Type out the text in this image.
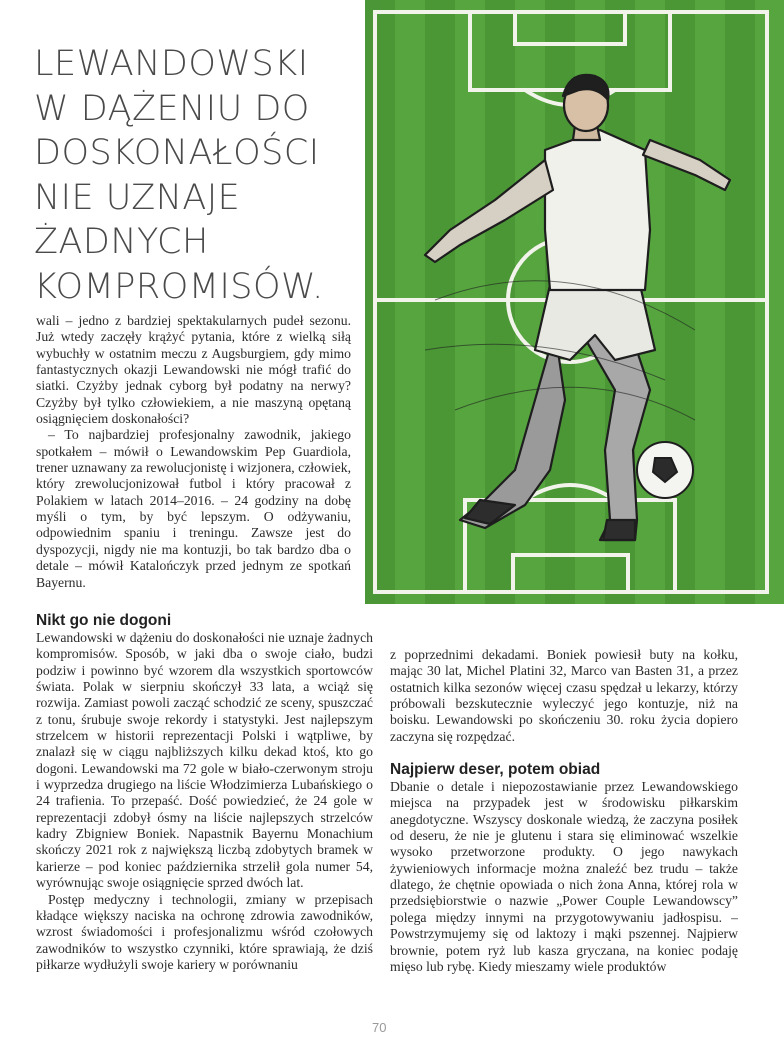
LEWANDOWSKI
W DĄŻENIU DO
DOSKONAŁOŚCI
NIE UZNAJE
ŻADNYCH
KOMPROMISÓW.

wali – jedno z bardziej spektakularnych pudeł sezonu. Już wtedy zaczęły krążyć pytania, które z wielką siłą wybuchły w ostatnim meczu z Augsburgiem, gdy mimo fantastycznych okazji Lewandowski nie mógł trafić do siatki. Czyżby jednak cyborg był podatny na nerwy? Czyżby był tylko człowiekiem, a nie maszyną opętaną osiągnięciem doskonałości?

– To najbardziej profesjonalny zawodnik, jakiego spotkałem – mówił o Lewandowskim Pep Guardiola, trener uznawany za rewolucjonistę i wizjonera, człowiek, który zrewolucjonizował futbol i który pracował z Polakiem w latach 2014–2016. – 24 godziny na dobę myśli o tym, by być lepszym. O odżywaniu, odpowiednim spaniu i treningu. Zawsze jest do dyspozycji, nigdy nie ma kontuzji, bo tak bardzo dba o detale – mówił Katalończyk przed jednym ze spotkań Bayernu.

Nikt go nie dogoni

Lewandowski w dążeniu do doskonałości nie uznaje żadnych kompromisów. Sposób, w jaki dba o swoje ciało, budzi podziw i powinno być wzorem dla wszystkich sportowców świata. Polak w sierpniu skończył 33 lata, a wciąż się rozwija. Zamiast powoli zacząć schodzić ze sceny, spuszczać z tonu, śrubuje swoje rekordy i statystyki. Jest najlepszym strzelcem w historii reprezentacji Polski i wątpliwe, by znalazł się w ciągu najbliższych kilku dekad ktoś, kto go dogoni. Lewandowski ma 72 gole w biało-czerwonym stroju i wyprzedza drugiego na liście Włodzimierza Lubańskiego o 24 trafienia. To przepaść. Dość powiedzieć, że 24 gole w reprezentacji zdobył ósmy na liście najlepszych strzelców kadry Zbigniew Boniek. Napastnik Bayernu Monachium skończy 2021 rok z największą liczbą zdobytych bramek w karierze – pod koniec października strzelił gola numer 54, wyrównując swoje osiągnięcie sprzed dwóch lat.

Postęp medyczny i technologii, zmiany w przepisach kładące większy naciska na ochronę zdrowia zawodników, wzrost świadomości i profesjonalizmu wśród czołowych zawodników to wszystko czynniki, które sprawiają, że dziś piłkarze wydłużyli swoje kariery w porównaniu

z poprzednimi dekadami. Boniek powiesił buty na kołku, mając 30 lat, Michel Platini 32, Marco van Basten 31, a przez ostatnich kilka sezonów więcej czasu spędzał u lekarzy, którzy próbowali bezskutecznie wyleczyć jego kontuzje, niż na boisku. Lewandowski po skończeniu 30. roku życia dopiero zaczyna się rozpędzać.

Najpierw deser, potem obiad

Dbanie o detale i niepozostawianie przez Lewandowskiego miejsca na przypadek jest w środowisku piłkarskim anegdotyczne. Wszyscy doskonale wiedzą, że zaczyna posiłek od deseru, że nie je glutenu i stara się eliminować wszelkie wysoko przetworzone produkty. O jego nawykach żywieniowych informacje można znaleźć bez trudu – także dlatego, że chętnie opowiada o nich żona Anna, której rola w przedsiębiorstwie o nazwie „Power Couple Lewandowscy” polega między innymi na przygotowywaniu jadłospisu. – Powstrzymujemy się od laktozy i mąki pszennej. Najpierw brownie, potem ryż lub kasza gryczana, na koniec podaję mięso lub rybę. Kiedy mieszamy wiele produktów

70
